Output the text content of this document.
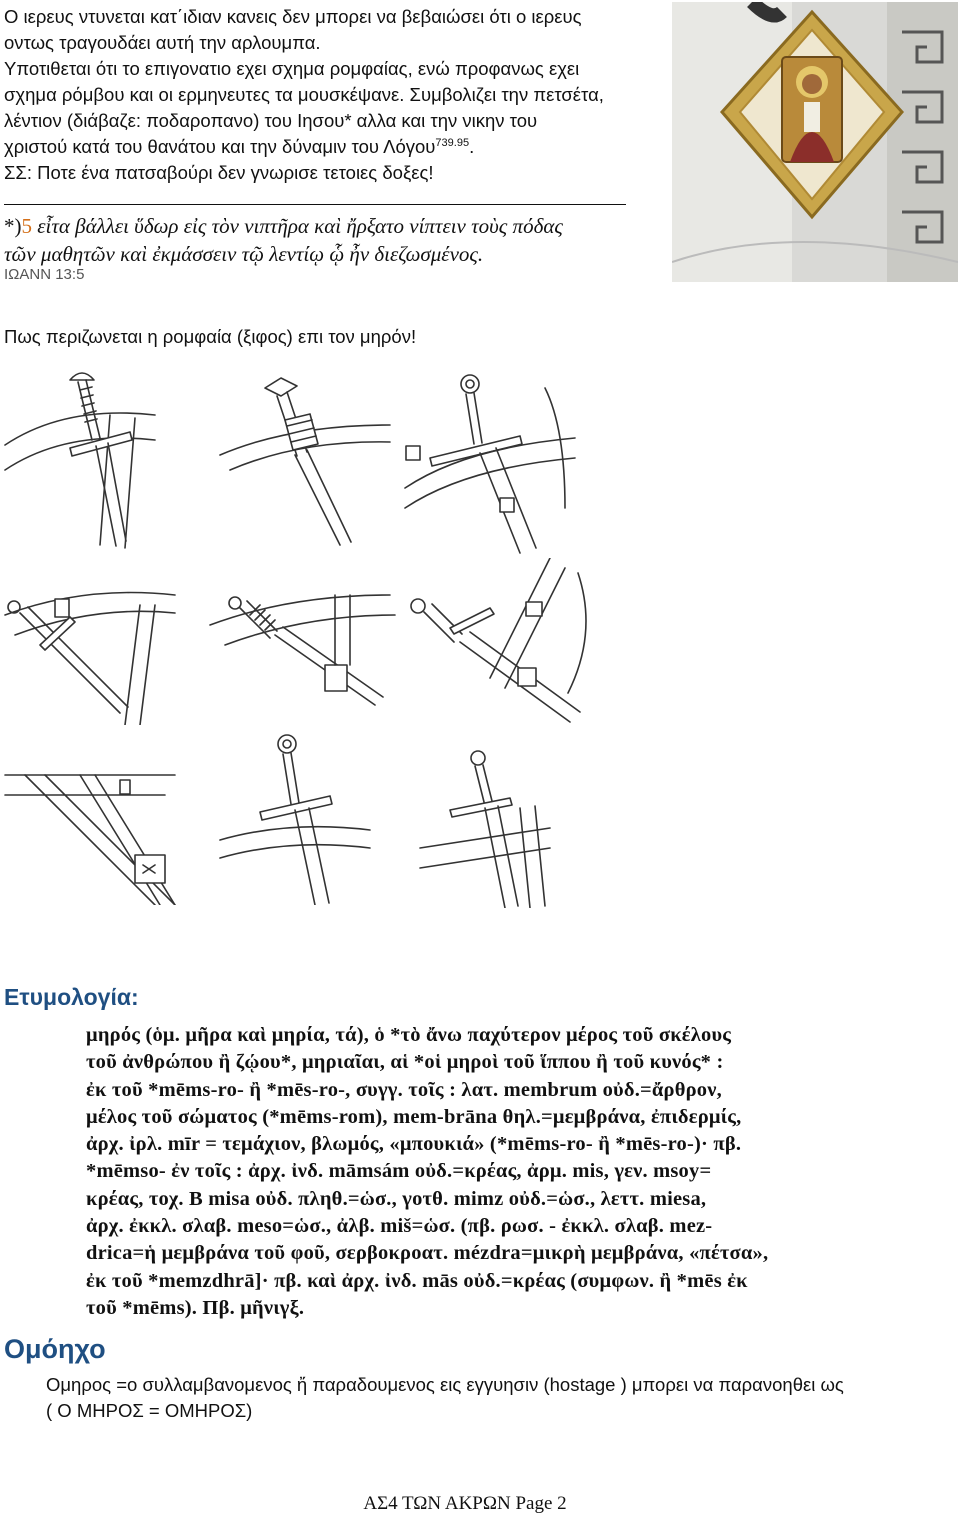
Ο ιερευς ντυνεται κατ΄ιδιαν κανεις δεν μπορει να βεβαιώσει ότι ο ιερευς
οντως τραγουδάει αυτή την αρλουμπα.
Υποτιθεται ότι το επιγονατιο εχει σχημα ρομφαίας, ενώ προφανως εχει
σχημα ρόμβου και οι ερμηνευτες τα μουσκέψανε. Συμβολιζει την πετσέτα,
λέντιον (διάβαζε: ποδαροπανο) του Ιησου* αλλα και την νικην του
χριστού κατά του θανάτου και την δύναμιν του Λόγου$^{739.95}$.
ΣΣ: Ποτε ένα πατσαβούρι δεν γνωρισε τετοιες δοξες!
*)5 εἶτα βάλλει ὕδωρ εἰς τὸν νιπτῆρα καὶ ἤρξατο νίπτειν τοὺς πόδας
τῶν μαθητῶν καὶ ἐκμάσσειν τῷ λεντίῳ ᾧ ἦν διεζωσμένος.
ΙΩΑΝΝ 13:5
Πως περιζωνεται η ρομφαία (ξιφος) επι τον μηρόν!
Ετυμολογία:
μηρός (ὁμ. μῆρα καὶ μηρία, τά), ὁ *τὸ ἄνω παχύτερον μέρος τοῦ σκέλους
τοῦ ἀνθρώπου ἢ ζῴου*, μηριαῖαι, αἱ *οἱ μηροὶ τοῦ ἵππου ἢ τοῦ κυνός* :
ἐκ τοῦ *mēms-ro- ἢ *mēs-ro-, συγγ. τοῖς : λατ. membrum οὐδ.=ἄρθρον,
μέλος τοῦ σώματος (*mēms-rom), mem-brāna θηλ.=μεμβράνα, ἐπιδερμίς,
ἀρχ. ἰρλ. mīr = τεμάχιον, βλωμός, «μπουκιά» (*mēms-ro- ἢ *mēs-ro-)· πβ.
*mēmso- ἐν τοῖς : ἀρχ. ἰνδ. māmsám οὐδ.=κρέας, ἀρμ. mis, γεν. msoy=
κρέας, τοχ. B misa οὐδ. πληθ.=ὡσ., γοτθ. mimz οὐδ.=ὡσ., λεττ. miesa,
ἀρχ. ἐκκλ. σλαβ. meso=ὡσ., ἀλβ. miš=ὡσ. (πβ. ρωσ. - ἐκκλ. σλαβ. mez-
drica=ἡ μεμβράνα τοῦ φοῦ, σερβοκροατ. mézdra=μικρὴ μεμβράνα, «πέτσα»,
ἐκ τοῦ *memzdhrā]· πβ. καὶ ἀρχ. ἰνδ. mās οὐδ.=κρέας (συμφων. ἢ *mēs ἐκ
τοῦ *mēms). Πβ. μῆνιγξ.
Ομόηχο
Ομηρος =ο συλλαμβανομενος ἤ παραδουμενος εις εγγυησιν (hostage ) μπορει να παρανοηθει ως
( Ο ΜΗΡΟΣ = ΟΜΗΡΟΣ)
ΑΣ4 ΤΩΝ ΑΚΡΩΝ Page 2
